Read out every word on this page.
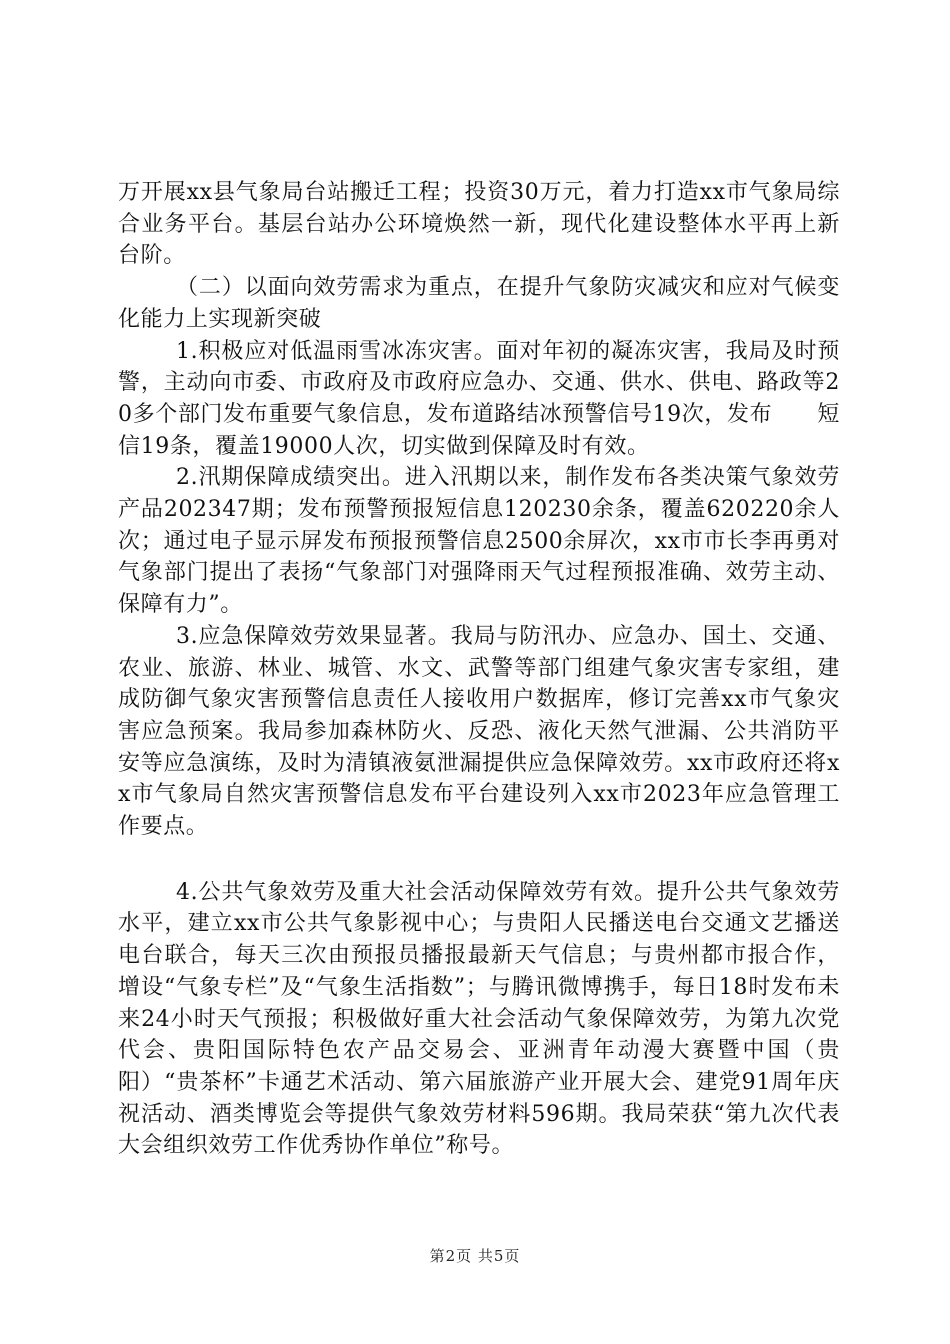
万开展xx县气象局台站搬迁工程；投资30万元，着力打造xx市气象局综合业务平台。基层台站办公环境焕然一新，现代化建设整体水平再上新台阶。

（二）以面向效劳需求为重点，在提升气象防灾减灾和应对气候变化能力上实现新突破

1.积极应对低温雨雪冰冻灾害。面对年初的凝冻灾害，我局及时预警，主动向市委、市政府及市政府应急办、交通、供水、供电、路政等20多个部门发布重要气象信息，发布道路结冰预警信号19次，发布　　短信19条，覆盖19000人次，切实做到保障及时有效。

2.汛期保障成绩突出。进入汛期以来，制作发布各类决策气象效劳产品202347期；发布预警预报短信息120230余条，覆盖620220余人次；通过电子显示屏发布预报预警信息2500余屏次，xx市市长李再勇对气象部门提出了表扬“气象部门对强降雨天气过程预报准确、效劳主动、保障有力”。

3.应急保障效劳效果显著。我局与防汛办、应急办、国土、交通、农业、旅游、林业、城管、水文、武警等部门组建气象灾害专家组，建成防御气象灾害预警信息责任人接收用户数据库，修订完善xx市气象灾害应急预案。我局参加森林防火、反恐、液化天然气泄漏、公共消防平安等应急演练，及时为清镇液氨泄漏提供应急保障效劳。xx市政府还将xx市气象局自然灾害预警信息发布平台建设列入xx市2023年应急管理工作要点。

4.公共气象效劳及重大社会活动保障效劳有效。提升公共气象效劳水平，建立xx市公共气象影视中心；与贵阳人民播送电台交通文艺播送电台联合，每天三次由预报员播报最新天气信息；与贵州都市报合作，增设“气象专栏”及“气象生活指数”；与腾讯微博携手，每日18时发布未来24小时天气预报；积极做好重大社会活动气象保障效劳，为第九次党代会、贵阳国际特色农产品交易会、亚洲青年动漫大赛暨中国（贵阳）“贵茶杯”卡通艺术活动、第六届旅游产业开展大会、建党91周年庆祝活动、酒类博览会等提供气象效劳材料596期。我局荣获“第九次代表大会组织效劳工作优秀协作单位”称号。

第2页 共5页
